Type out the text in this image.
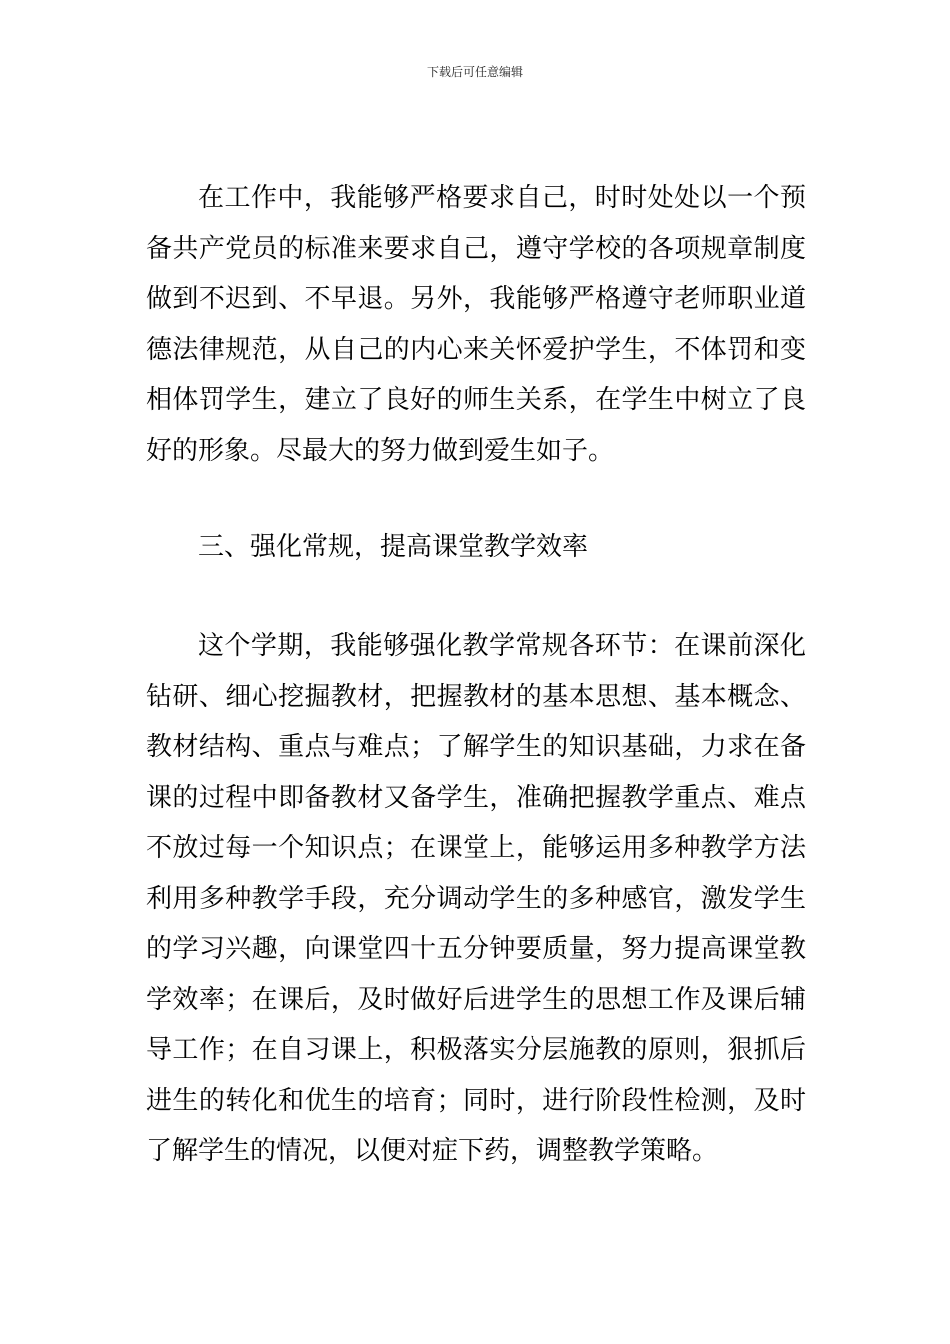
下载后可任意编辑

在工作中，我能够严格要求自己，时时处处以一个预备共产党员的标准来要求自己，遵守学校的各项规章制度做到不迟到、不早退。另外，我能够严格遵守老师职业道德法律规范，从自己的内心来关怀爱护学生，不体罚和变相体罚学生，建立了良好的师生关系，在学生中树立了良好的形象。尽最大的努力做到爱生如子。

三、强化常规，提高课堂教学效率

这个学期，我能够强化教学常规各环节：在课前深化钻研、细心挖掘教材，把握教材的基本思想、基本概念、教材结构、重点与难点；了解学生的知识基础，力求在备课的过程中即备教材又备学生，准确把握教学重点、难点不放过每一个知识点；在课堂上，能够运用多种教学方法利用多种教学手段，充分调动学生的多种感官，激发学生的学习兴趣，向课堂四十五分钟要质量，努力提高课堂教学效率；在课后，及时做好后进学生的思想工作及课后辅导工作；在自习课上，积极落实分层施教的原则，狠抓后进生的转化和优生的培育；同时，进行阶段性检测，及时了解学生的情况，以便对症下药，调整教学策略。
